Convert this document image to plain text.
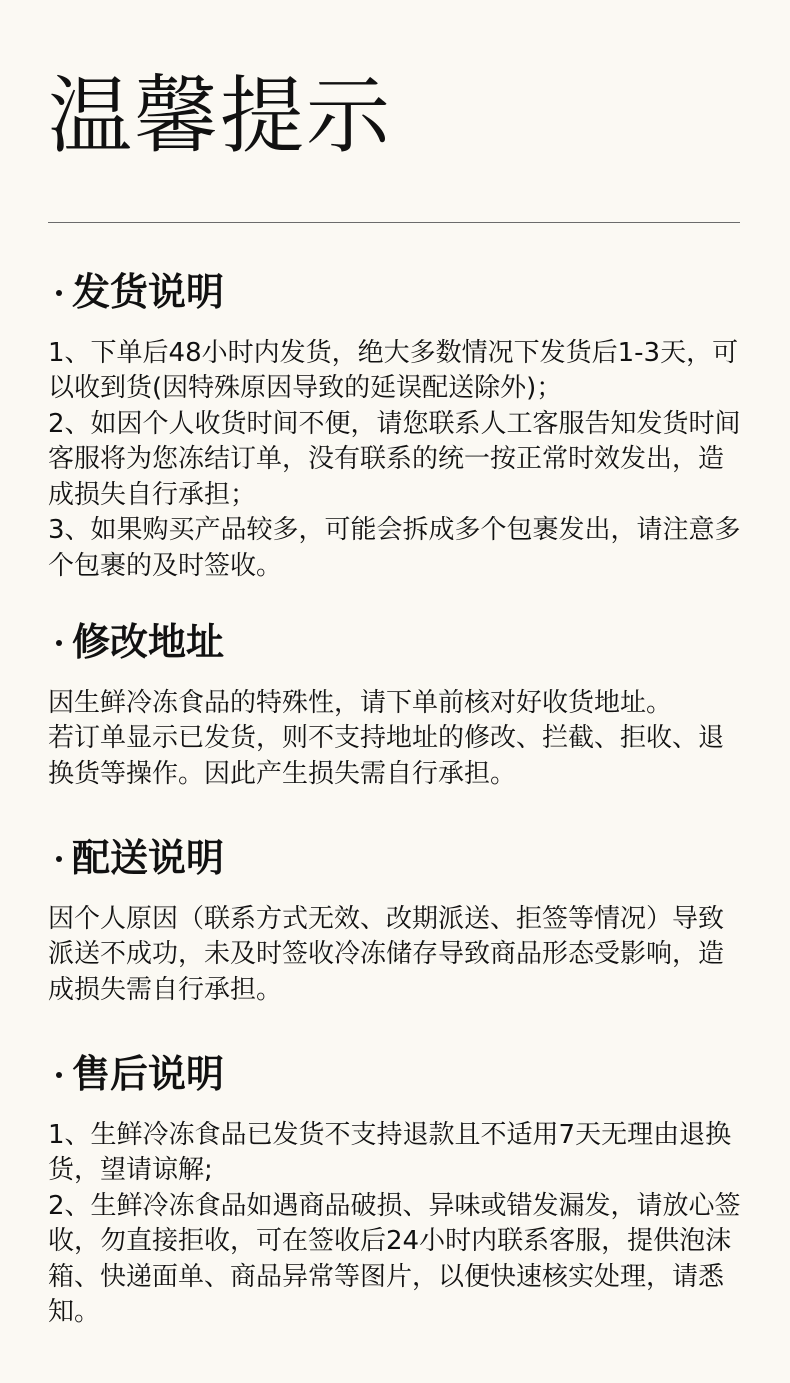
温馨提示
发货说明

1、下单后48小时内发货，绝大多数情况下发货后1-3天，可以收到货(因特殊原因导致的延误配送除外)；

2、如因个人收货时间不便，请您联系人工客服告知发货时间客服将为您冻结订单，没有联系的统一按正常时效发出，造成损失自行承担；

3、如果购买产品较多，可能会拆成多个包裹发出，请注意多个包裹的及时签收。

修改地址

因生鲜冷冻食品的特殊性，请下单前核对好收货地址。

若订单显示已发货，则不支持地址的修改、拦截、拒收、退换货等操作。因此产生损失需自行承担。

配送说明

因个人原因（联系方式无效、改期派送、拒签等情况）导致派送不成功，未及时签收冷冻储存导致商品形态受影响，造成损失需自行承担。

售后说明

1、生鲜冷冻食品已发货不支持退款且不适用7天无理由退换货，望请谅解;

2、生鲜冷冻食品如遇商品破损、异味或错发漏发，请放心签收，勿直接拒收，可在签收后24小时内联系客服，提供泡沫箱、快递面单、商品异常等图片，以便快速核实处理，请悉知。
